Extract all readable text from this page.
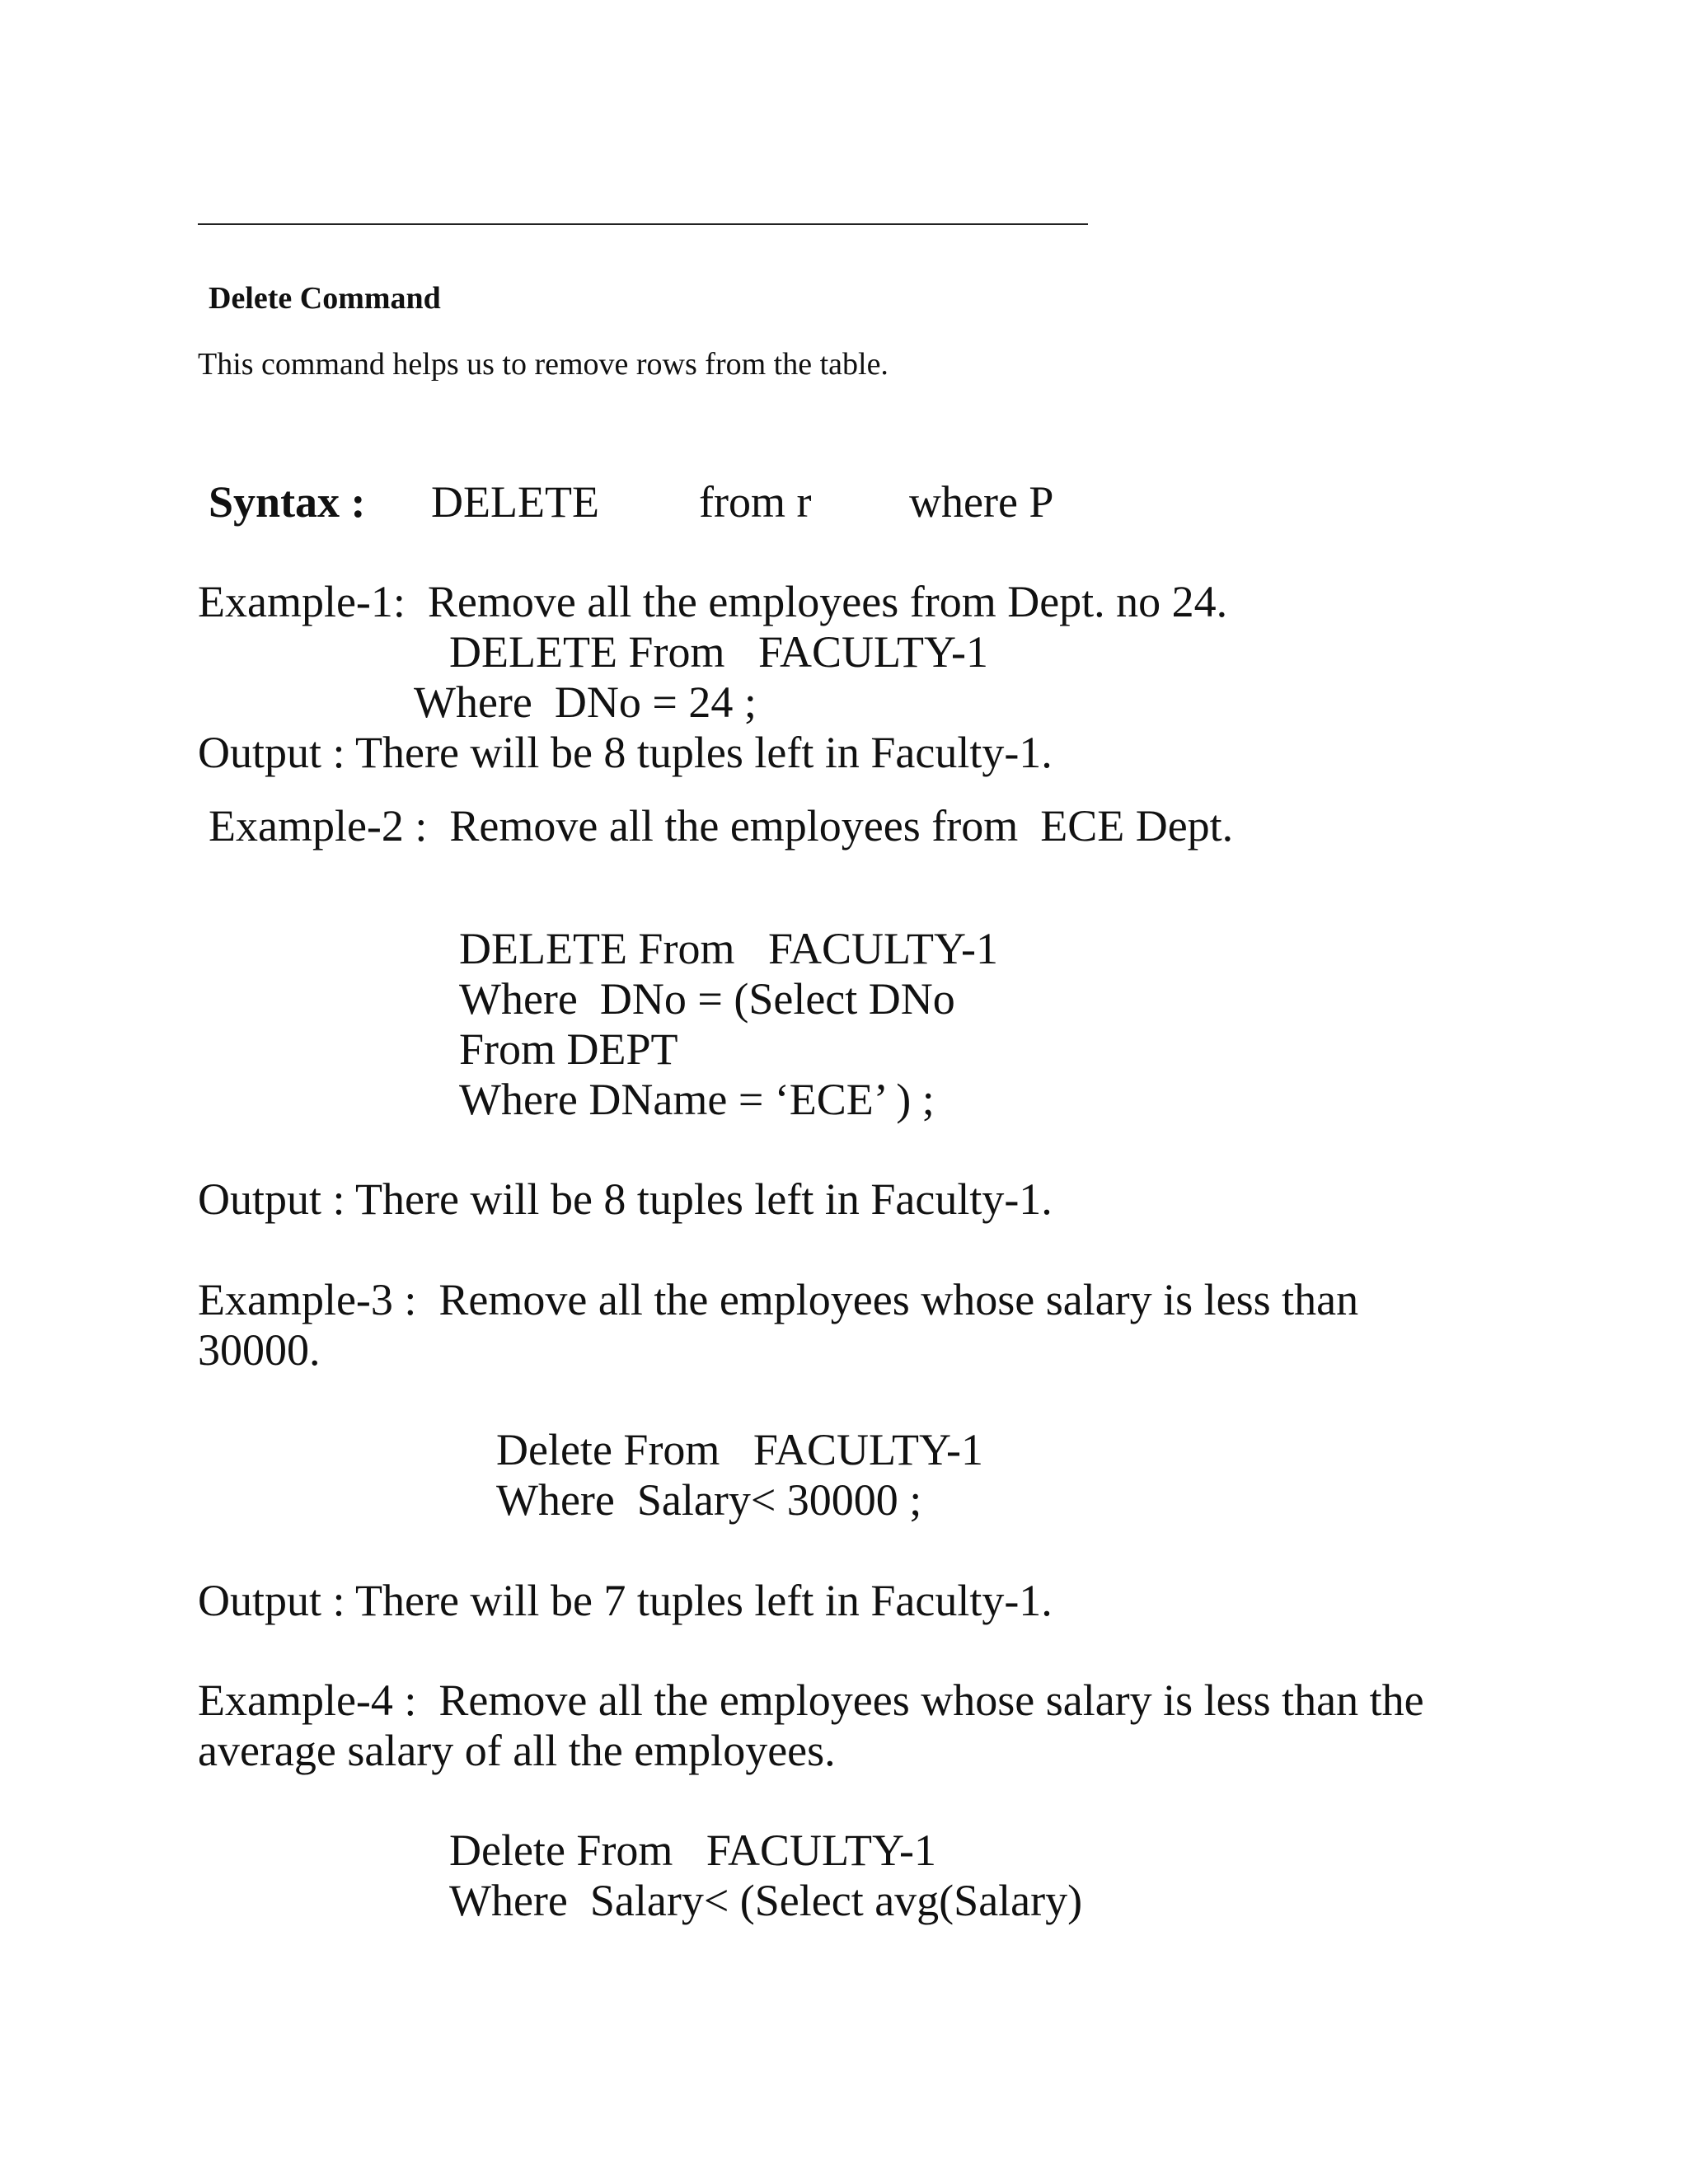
Delete Command
This command helps us to remove rows from the table.
Syntax : DELETE from r where P
Example-1:  Remove all the employees from Dept. no 24.
DELETE From   FACULTY-1
Where  DNo = 24 ;
Output : There will be 8 tuples left in Faculty-1.
Example-2 :  Remove all the employees from  ECE Dept.
DELETE From   FACULTY-1
Where  DNo = (Select DNo
From DEPT
Where DName = ‘ECE’ ) ;
Output : There will be 8 tuples left in Faculty-1.
Example-3 :  Remove all the employees whose salary is less than
30000.
Delete From   FACULTY-1
Where  Salary< 30000 ;
Output : There will be 7 tuples left in Faculty-1.
Example-4 :  Remove all the employees whose salary is less than the
average salary of all the employees.
Delete From   FACULTY-1
Where  Salary< (Select avg(Salary)
